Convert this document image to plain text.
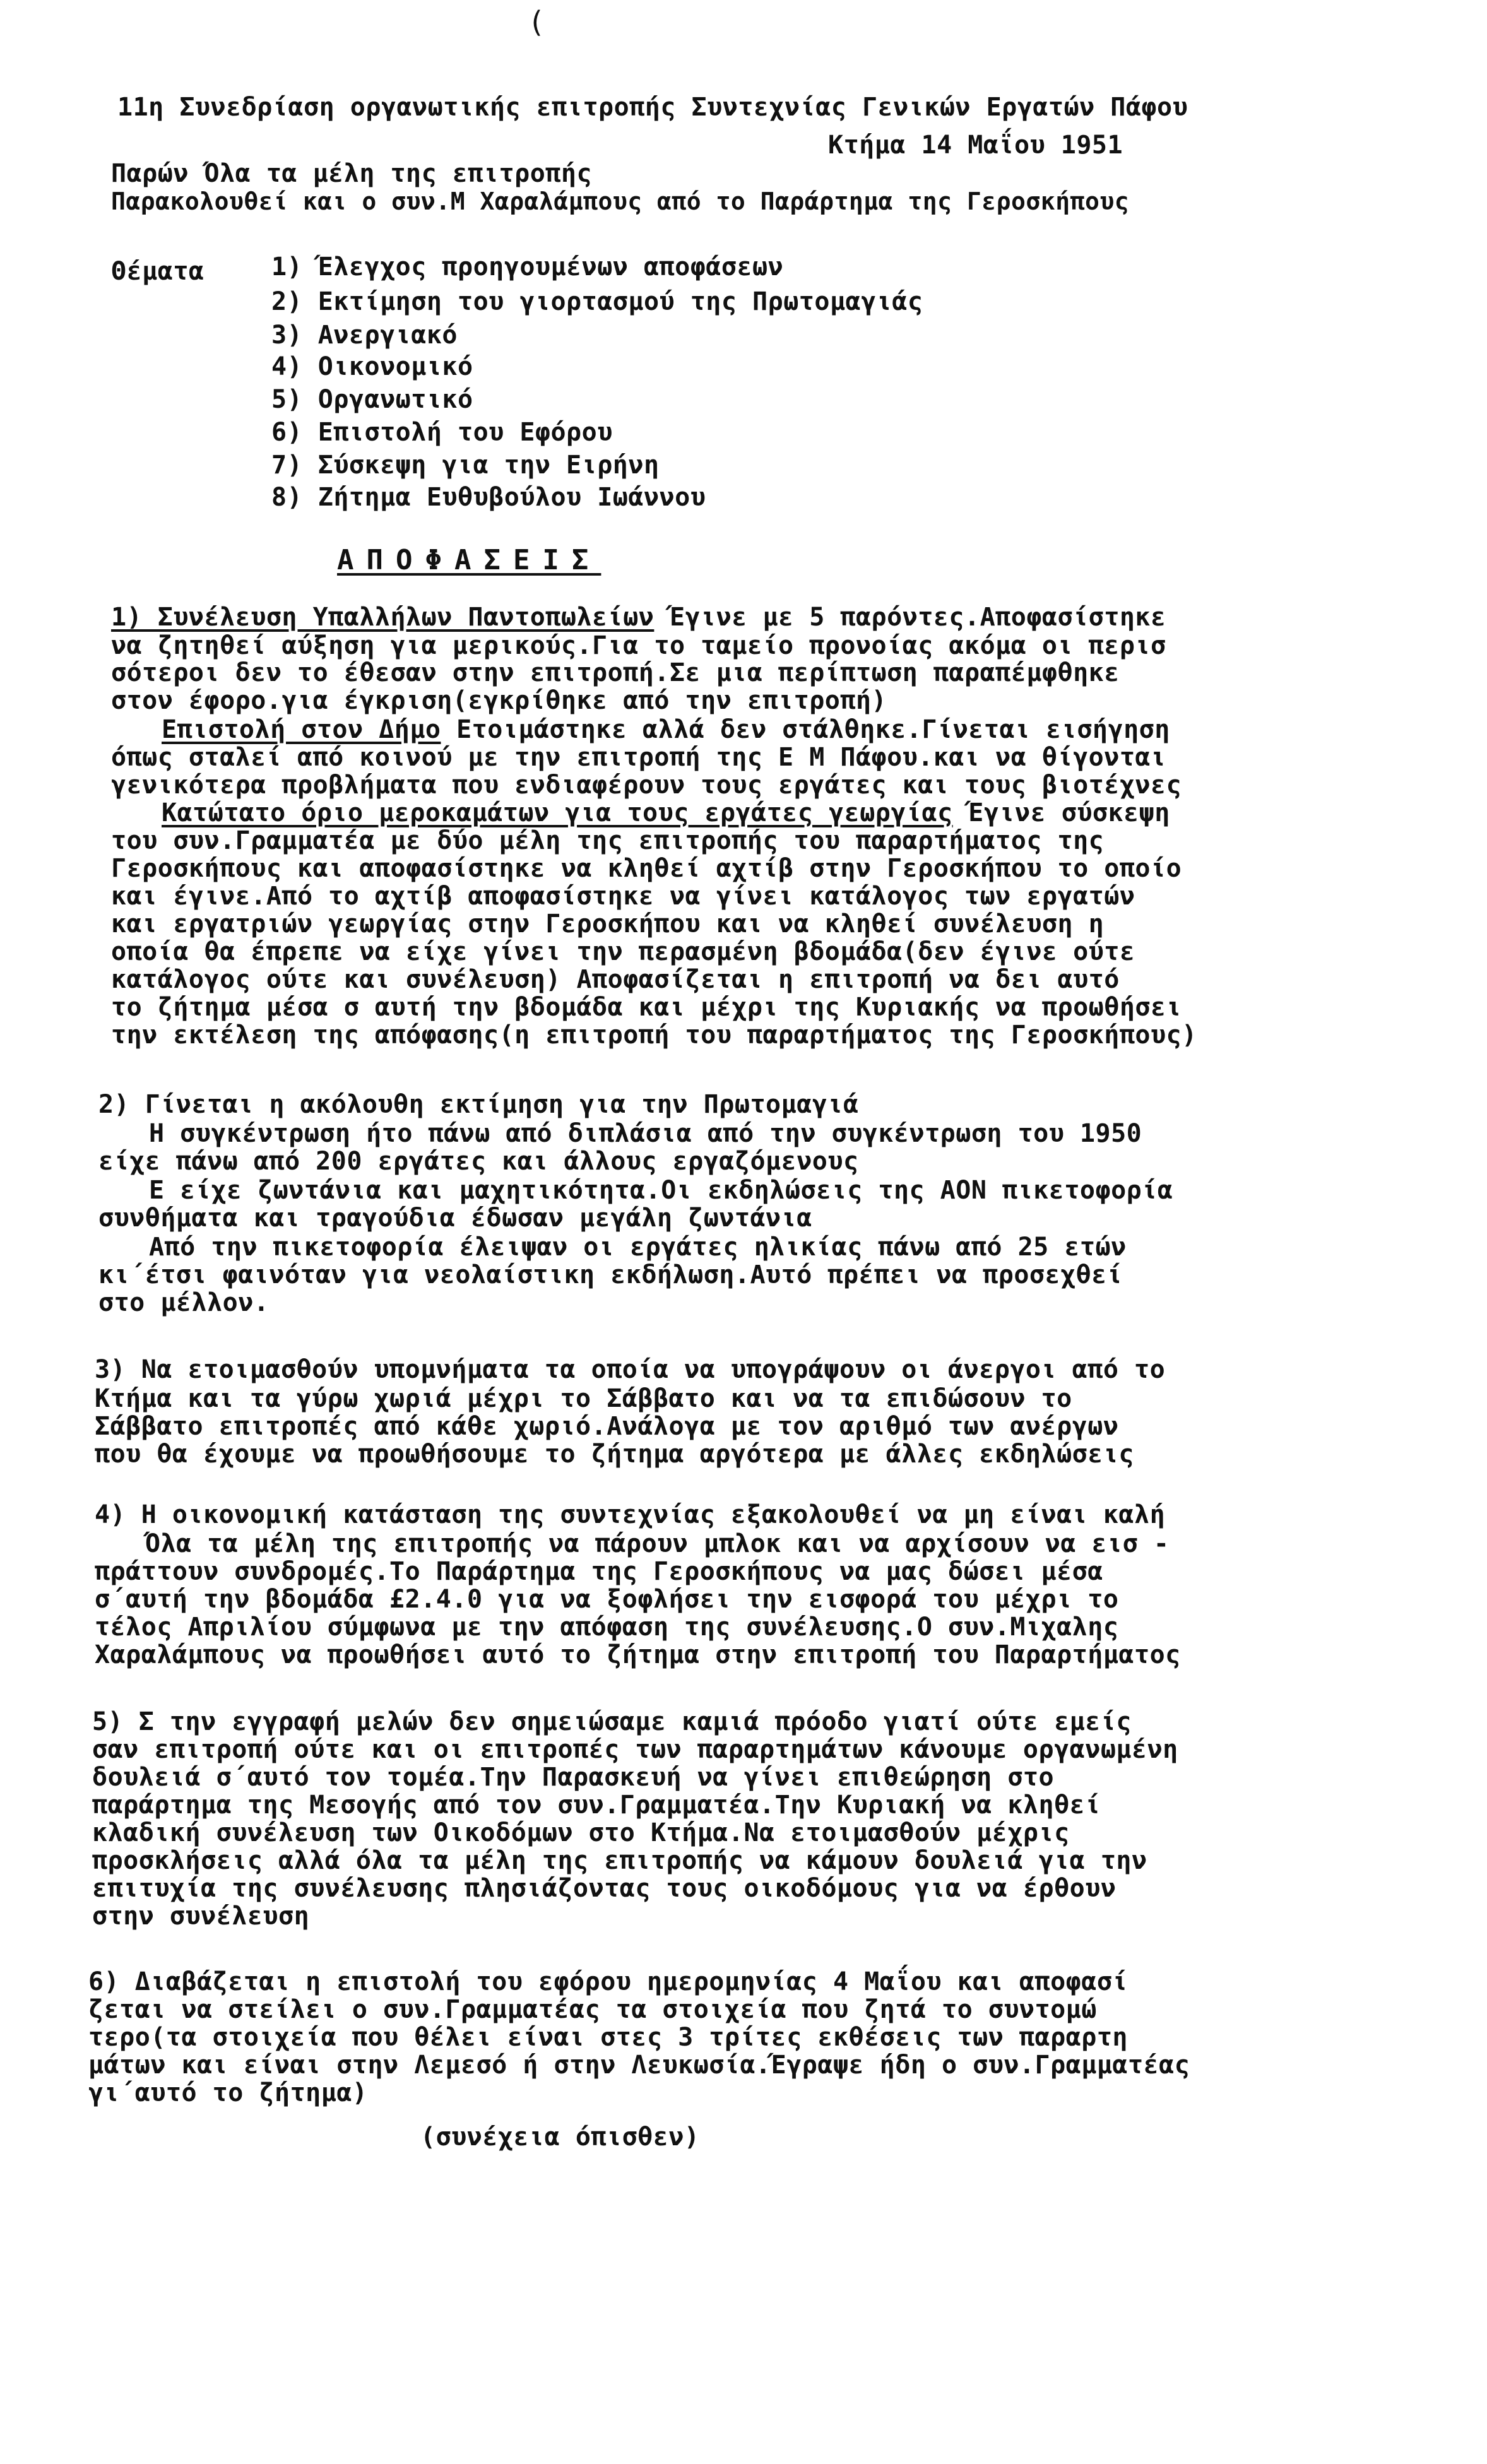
(
11η Συνεδρίαση οργανωτικής επιτροπής Συντεχνίας Γενικών Εργατών Πάφου
Κτήμα 14 Μαΐου 1951
Παρών Όλα τα μέλη της επιτροπής
Παρακολουθεί και ο συν.Μ Χαραλάμπους από το Παράρτημα της Γεροσκήπους
Θέματα	1) Έλεγχος προηγουμένων αποφάσεων
2) Εκτίμηση του γιορτασμού της Πρωτομαγιάς
3) Ανεργιακό
4) Οικονομικό
5) Οργανωτικό
6) Επιστολή του Εφόρου
7) Σύσκεψη για την Ειρήνη
8) Ζήτημα Ευθυβούλου Ιωάννου
ΑΠΟΦΑΣΕΙΣ
1) Συνέλευση Υπαλλήλων Παντοπωλείων Έγινε με 5 παρόντες.Αποφασίστηκε
να ζητηθεί αύξηση για μερικούς.Για το ταμείο προνοίας ακόμα οι περισ
σότεροι δεν το έθεσαν στην επιτροπή.Σε μια περίπτωση παραπέμφθηκε
στον έφορο.για έγκριση(εγκρίθηκε από την επιτροπή)
Επιστολή στον Δήμο Ετοιμάστηκε αλλά δεν στάλθηκε.Γίνεται εισήγηση
όπως σταλεί από κοινού με την επιτροπή της Ε Μ Πάφου.και να θίγονται
γενικότερα προβλήματα που ενδιαφέρουν τους εργάτες και τους βιοτέχνες
Κατώτατο όριο μεροκαμάτων για τους εργάτες γεωργίας Έγινε σύσκεψη
του συν.Γραμματέα με δύο μέλη της επιτροπής του παραρτήματος της
Γεροσκήπους και αποφασίστηκε να κληθεί αχτίβ στην Γεροσκήπου το οποίο
και έγινε.Από το αχτίβ αποφασίστηκε να γίνει κατάλογος των εργατών
και εργατριών γεωργίας στην Γεροσκήπου και να κληθεί συνέλευση η
οποία θα έπρεπε να είχε γίνει την περασμένη βδομάδα(δεν έγινε ούτε
κατάλογος ούτε και συνέλευση) Αποφασίζεται η επιτροπή να δει αυτό
το ζήτημα μέσα σ αυτή την βδομάδα και μέχρι της Κυριακής να προωθήσει
την εκτέλεση της απόφασης(η επιτροπή του παραρτήματος της Γεροσκήπους)
2) Γίνεται η ακόλουθη εκτίμηση για την Πρωτομαγιά
Η συγκέντρωση ήτο πάνω από διπλάσια από την συγκέντρωση του 1950
είχε πάνω από 200 εργάτες και άλλους εργαζόμενους
Ε είχε ζωντάνια και μαχητικότητα.Οι εκδηλώσεις της ΑΟΝ πικετοφορία
συνθήματα και τραγούδια έδωσαν μεγάλη ζωντάνια
Από την πικετοφορία έλειψαν οι εργάτες ηλικίας πάνω από 25 ετών
κι΄έτσι φαινόταν για νεολαίστικη εκδήλωση.Αυτό πρέπει να προσεχθεί
στο μέλλον.
3) Να ετοιμασθούν υπομνήματα τα οποία να υπογράψουν οι άνεργοι από το
Κτήμα και τα γύρω χωριά μέχρι το Σάββατο και να τα επιδώσουν το
Σάββατο επιτροπές από κάθε χωριό.Ανάλογα με τον αριθμό των ανέργων
που θα έχουμε να προωθήσουμε το ζήτημα αργότερα με άλλες εκδηλώσεις
4) Η οικονομική κατάσταση της συντεχνίας εξακολουθεί να μη είναι καλή
Όλα τα μέλη της επιτροπής να πάρουν μπλοκ και να αρχίσουν να εισ -
πράττουν συνδρομές.Το Παράρτημα της Γεροσκήπους να μας δώσει μέσα
σ΄αυτή την βδομάδα £2.4.0 για να ξοφλήσει την εισφορά του μέχρι το
τέλος Απριλίου σύμφωνα με την απόφαση της συνέλευσης.Ο συν.Μιχαλης
Χαραλάμπους να προωθήσει αυτό το ζήτημα στην επιτροπή του Παραρτήματος
5) Σ την εγγραφή μελών δεν σημειώσαμε καμιά πρόοδο γιατί ούτε εμείς
σαν επιτροπή ούτε και οι επιτροπές των παραρτημάτων κάνουμε οργανωμένη
δουλειά σ΄αυτό τον τομέα.Την Παρασκευή να γίνει επιθεώρηση στο
παράρτημα της Μεσογής από τον συν.Γραμματέα.Την Κυριακή να κληθεί
κλαδική συνέλευση των Οικοδόμων στο Κτήμα.Να ετοιμασθούν μέχρις
προσκλήσεις αλλά όλα τα μέλη της επιτροπής να κάμουν δουλειά για την
επιτυχία της συνέλευσης πλησιάζοντας τους οικοδόμους για να έρθουν
στην συνέλευση
6) Διαβάζεται η επιστολή του εφόρου ημερομηνίας 4 Μαΐου και αποφασί
ζεται να στείλει ο συν.Γραμματέας τα στοιχεία που ζητά το συντομώ
τερο(τα στοιχεία που θέλει είναι στες 3 τρίτες εκθέσεις των παραρτη
μάτων και είναι στην Λεμεσό ή στην Λευκωσία.Έγραψε ήδη ο συν.Γραμματέας
γι΄αυτό το ζήτημα)
(συνέχεια όπισθεν)
